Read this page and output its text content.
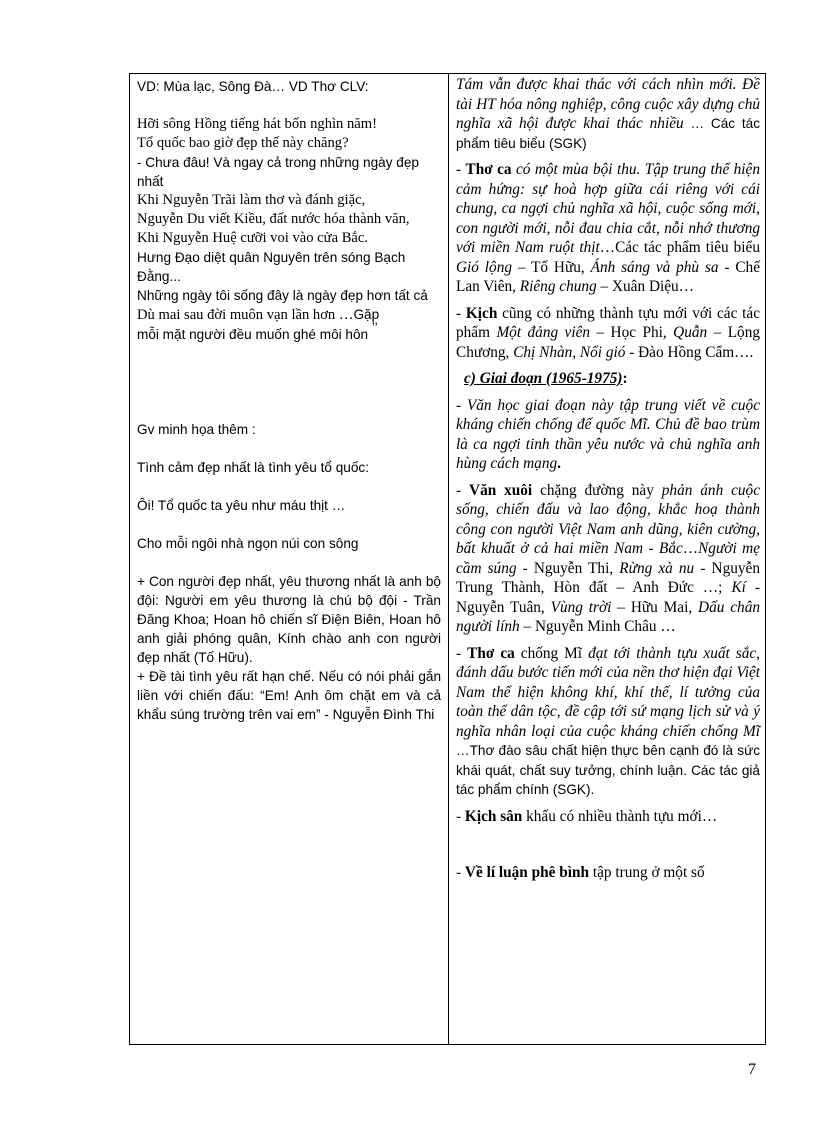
VD: Mùa lạc, Sông Đà… VD Thơ CLV:

Hỡi sông Hồng tiếng hát bốn nghìn năm!

Tổ quốc bao giờ đẹp thế này chăng?

- Chưa đâu! Và ngay cả trong những ngày đẹp nhất

Khi Nguyễn Trãi làm thơ và đánh giặc,

Nguyễn Du viết Kiều, đất nước hóa thành văn,

Khi Nguyễn Huệ cưỡi voi vào cửa Bắc.

Hưng Đạo diệt quân Nguyên trên sóng Bạch Đằng...

Những ngày tôi sống đây là ngày đẹp hơn tất cả

Dù mai sau đời muôn vạn lần hơn …Gặp

mỗi mặt người đều muốn ghé môi hôn ’’

Gv minh họa thêm :

Tình cảm đẹp nhất là tình yêu tổ quốc:

Ôi! Tổ quốc ta yêu như máu thịt …

Cho mỗi ngôi nhà ngọn núi con sông

+ Con người đẹp nhất, yêu thương nhất là anh bộ đội: Người em yêu thương là chú bộ đội - Trần Đăng Khoa; Hoan hô chiến sĩ Điện Biên, Hoan hô anh giải phóng quân, Kính chào anh con người đẹp nhất (Tố Hữu).

+ Đề tài tình yêu rất hạn chế. Nếu có nói phải gắn liền với chiến đấu: “Em! Anh ôm chặt em và cả khẩu súng trường trên vai em” - Nguyễn Đình Thi

Tám vẫn được khai thác với cách nhìn mới. Đề tài HT hóa nông nghiệp, công cuộc xây dựng chủ nghĩa xã hội được khai thác nhiều … Các tác phẩm tiêu biểu (SGK)

- Thơ ca có một mùa bội thu. Tập trung thể hiện cảm hứng: sự hoà hợp giữa cái riêng với cái chung, ca ngợi chủ nghĩa xã hội, cuộc sống mới, con người mới, nỗi đau chia cắt, nỗi nhớ thương với miền Nam ruột thịt…Các tác phẩm tiêu biểu Gió lộng – Tố Hữu, Ánh sáng và phù sa - Chế Lan Viên, Riêng chung – Xuân Diệu…

- Kịch cũng có những thành tựu mới với các tác phẩm Một đảng viên – Học Phi, Quẫn – Lộng Chương, Chị Nhàn, Nổi gió - Đào Hồng Cẩm….

c) Giai đoạn (1965-1975):

- Văn học giai đoạn này tập trung viết về cuộc kháng chiến chống đế quốc Mĩ. Chủ đề bao trùm là ca ngợi tinh thần yêu nước và chủ nghĩa anh hùng cách mạng.

- Văn xuôi chặng đường này phản ánh cuộc sống, chiến đấu và lao động, khắc hoạ thành công con người Việt Nam anh dũng, kiên cường, bất khuất ở cả hai miền Nam - Bắc…Người mẹ cầm súng - Nguyễn Thi, Rừng xà nu - Nguyễn Trung Thành, Hòn đất – Anh Đức …; Kí - Nguyễn Tuân, Vùng trời – Hữu Mai, Dấu chân người lính – Nguyễn Minh Châu …

- Thơ ca chống Mĩ đạt tới thành tựu xuất sắc, đánh dấu bước tiến mới của nền thơ hiện đại Việt Nam thể hiện không khí, khí thế, lí tưởng của toàn thể dân tộc, đề cập tới sứ mạng lịch sử và ý nghĩa nhân loại của cuộc kháng chiến chống Mĩ …Thơ đào sâu chất hiện thực bên cạnh đó là sức khái quát, chất suy tưởng, chính luận. Các tác giả tác phẩm chính (SGK).

- Kịch sân khấu có nhiều thành tựu mới…

- Về lí luận phê bình tập trung ở một số

7
